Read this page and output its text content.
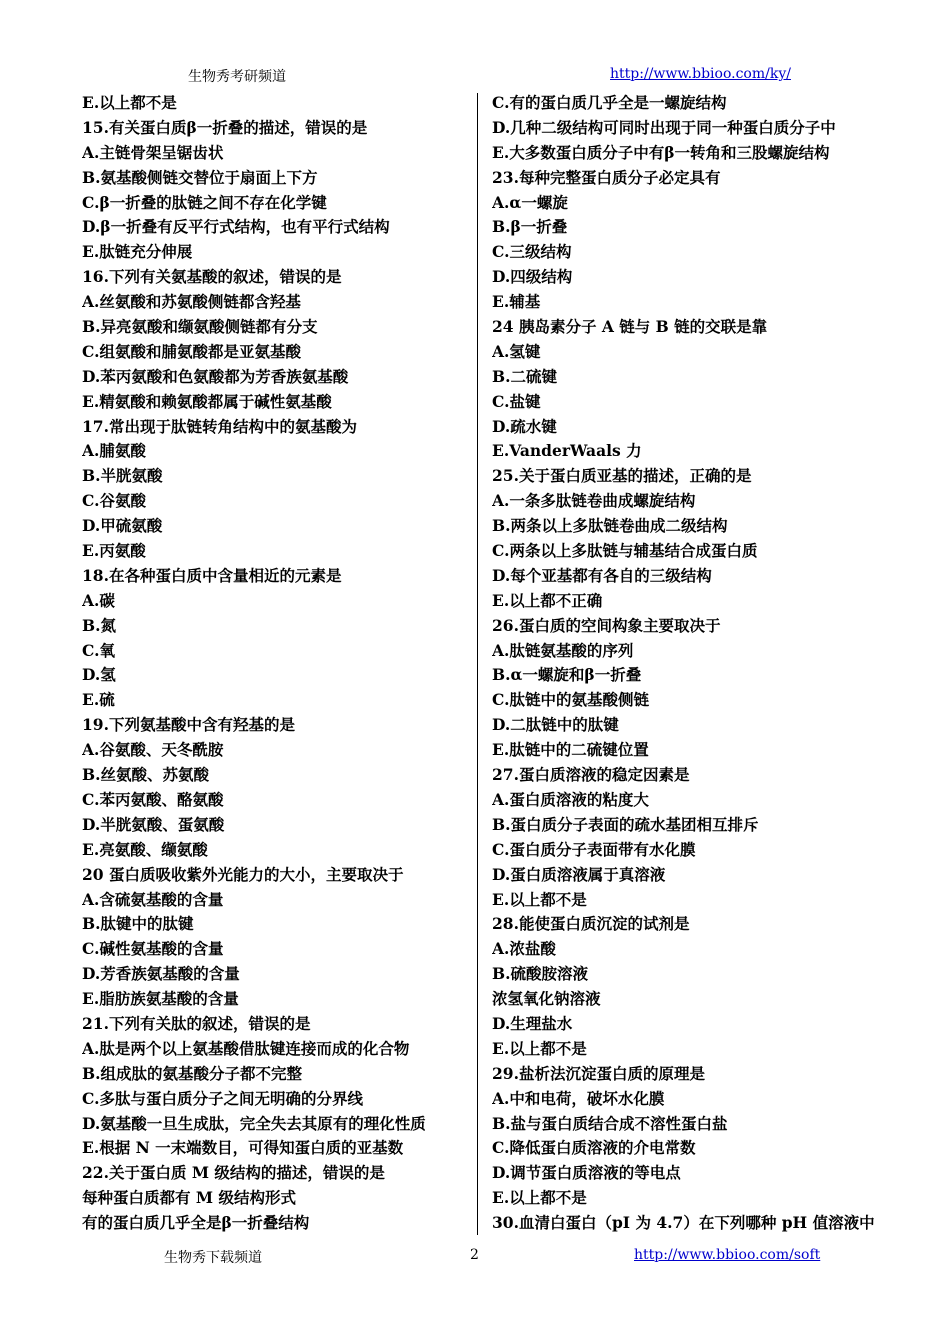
生物秀考研频道	http://www.bbioo.com/ky/
E.以上都不是
15.有关蛋白质β一折叠的描述，错误的是
A.主链骨架呈锯齿状
B.氨基酸侧链交替位于扇面上下方
C.β一折叠的肽链之间不存在化学键
D.β一折叠有反平行式结构，也有平行式结构
E.肽链充分伸展
16.下列有关氨基酸的叙述，错误的是
A.丝氨酸和苏氨酸侧链都含羟基
B.异亮氨酸和缬氨酸侧链都有分支
C.组氨酸和脯氨酸都是亚氨基酸
D.苯丙氨酸和色氨酸都为芳香族氨基酸
E.精氨酸和赖氨酸都属于碱性氨基酸
17.常出现于肽链转角结构中的氨基酸为
A.脯氨酸
B.半胱氨酸
C.谷氨酸
D.甲硫氨酸
E.丙氨酸
18.在各种蛋白质中含量相近的元素是
A.碳
B.氮
C.氧
D.氢
E.硫
19.下列氨基酸中含有羟基的是
A.谷氨酸、天冬酰胺
B.丝氨酸、苏氨酸
C.苯丙氨酸、酪氨酸
D.半胱氨酸、蛋氨酸
E.亮氨酸、缬氨酸
20 蛋白质吸收紫外光能力的大小，主要取决于
A.含硫氨基酸的含量
B.肽键中的肽键
C.碱性氨基酸的含量
D.芳香族氨基酸的含量
E.脂肪族氨基酸的含量
21.下列有关肽的叙述，错误的是
A.肽是两个以上氨基酸借肽键连接而成的化合物
B.组成肽的氨基酸分子都不完整
C.多肽与蛋白质分子之间无明确的分界线
D.氨基酸一旦生成肽，完全失去其原有的理化性质
E.根据 N 一末端数目，可得知蛋白质的亚基数
22.关于蛋白质 M 级结构的描述，错误的是
每种蛋白质都有 M 级结构形式
有的蛋白质几乎全是β一折叠结构
C.有的蛋白质几乎全是一螺旋结构
D.几种二级结构可同时出现于同一种蛋白质分子中
E.大多数蛋白质分子中有β一转角和三股螺旋结构
23.每种完整蛋白质分子必定具有
A.α一螺旋
B.β一折叠
C.三级结构
D.四级结构
E.辅基
24 胰岛素分子 A 链与 B 链的交联是靠
A.氢键
B.二硫键
C.盐键
D.疏水键
E.VanderWaals 力
25.关于蛋白质亚基的描述，正确的是
A.一条多肽链卷曲成螺旋结构
B.两条以上多肽链卷曲成二级结构
C.两条以上多肽链与辅基结合成蛋白质
D.每个亚基都有各自的三级结构
E.以上都不正确
26.蛋白质的空间构象主要取决于
A.肽链氨基酸的序列
B.α一螺旋和β一折叠
C.肽链中的氨基酸侧链
D.二肽链中的肽键
E.肽链中的二硫键位置
27.蛋白质溶液的稳定因素是
A.蛋白质溶液的粘度大
B.蛋白质分子表面的疏水基团相互排斥
C.蛋白质分子表面带有水化膜
D.蛋白质溶液属于真溶液
E.以上都不是
28.能使蛋白质沉淀的试剂是
A.浓盐酸
B.硫酸胺溶液
浓氢氧化钠溶液
D.生理盐水
E.以上都不是
29.盐析法沉淀蛋白质的原理是
A.中和电荷，破坏水化膜
B.盐与蛋白质结合成不溶性蛋白盐
C.降低蛋白质溶液的介电常数
D.调节蛋白质溶液的等电点
E.以上都不是
30.血清白蛋白（pI 为 4.7）在下列哪种 pH 值溶液中
生物秀下载频道	2	http://www.bbioo.com/soft
